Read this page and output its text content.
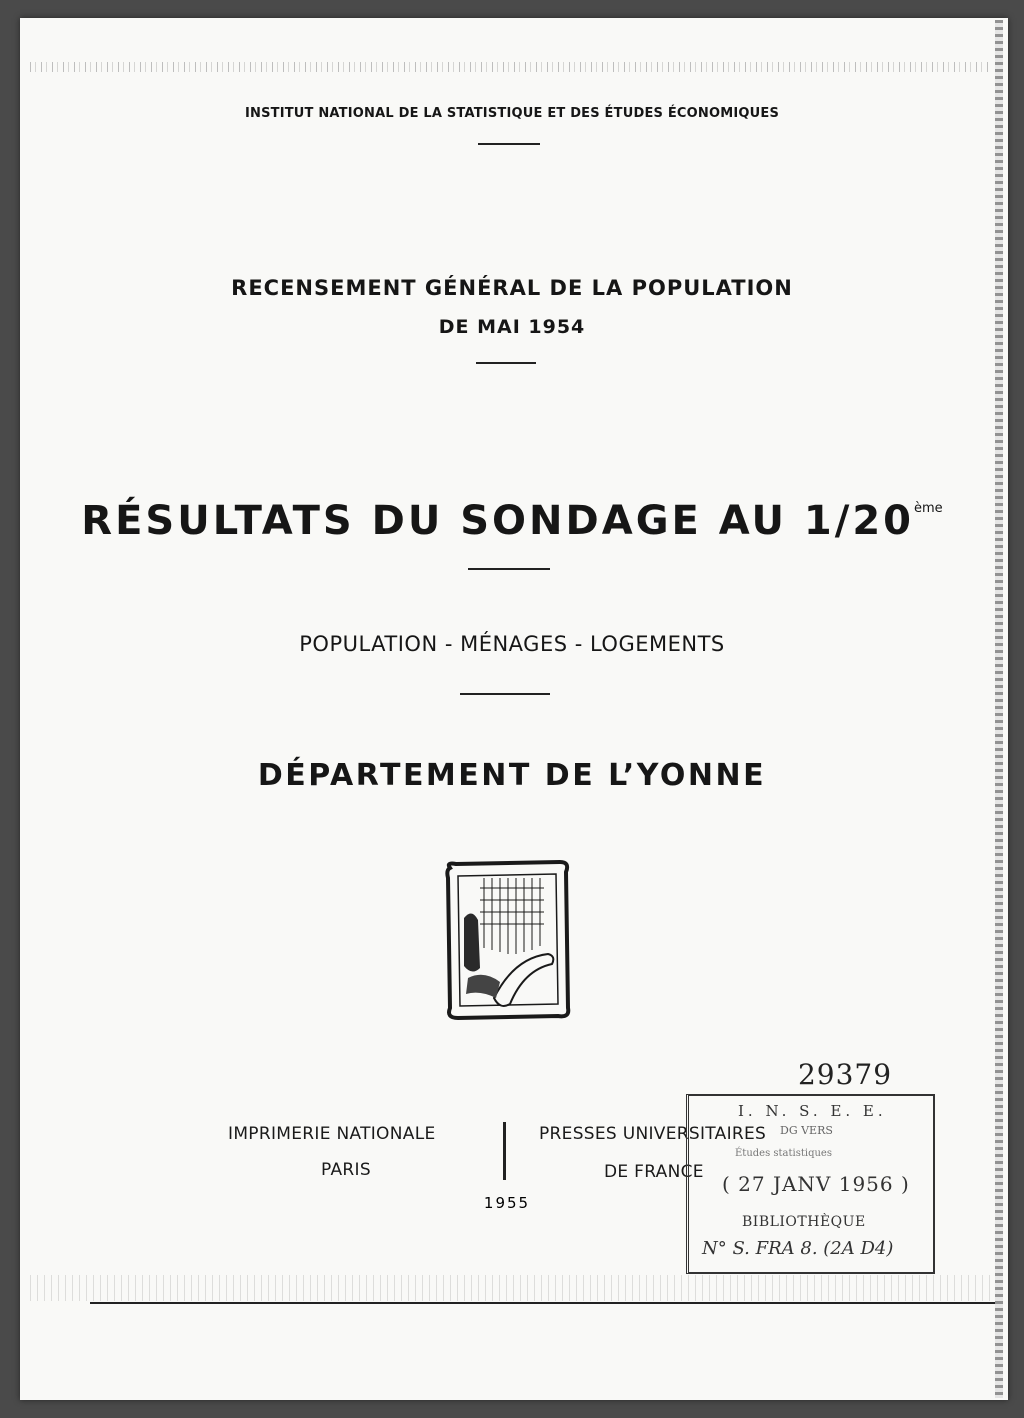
INSTITUT NATIONAL DE LA STATISTIQUE ET DES ÉTUDES ÉCONOMIQUES
RECENSEMENT GÉNÉRAL DE LA POPULATION
DE MAI 1954
RÉSULTATS DU SONDAGE AU 1/20ème
POPULATION - MÉNAGES - LOGEMENTS
DÉPARTEMENT DE L’YONNE
IMPRIMERIE NATIONALE
PARIS
PRESSES UNIVERSITAIRES
DE FRANCE
1955
29379
I. N. S. E. E.
DG VERS
Études statistiques
( 27 JANV 1956 )
BIBLIOTHÈQUE
N° S. FRA 8. (2A D4)
